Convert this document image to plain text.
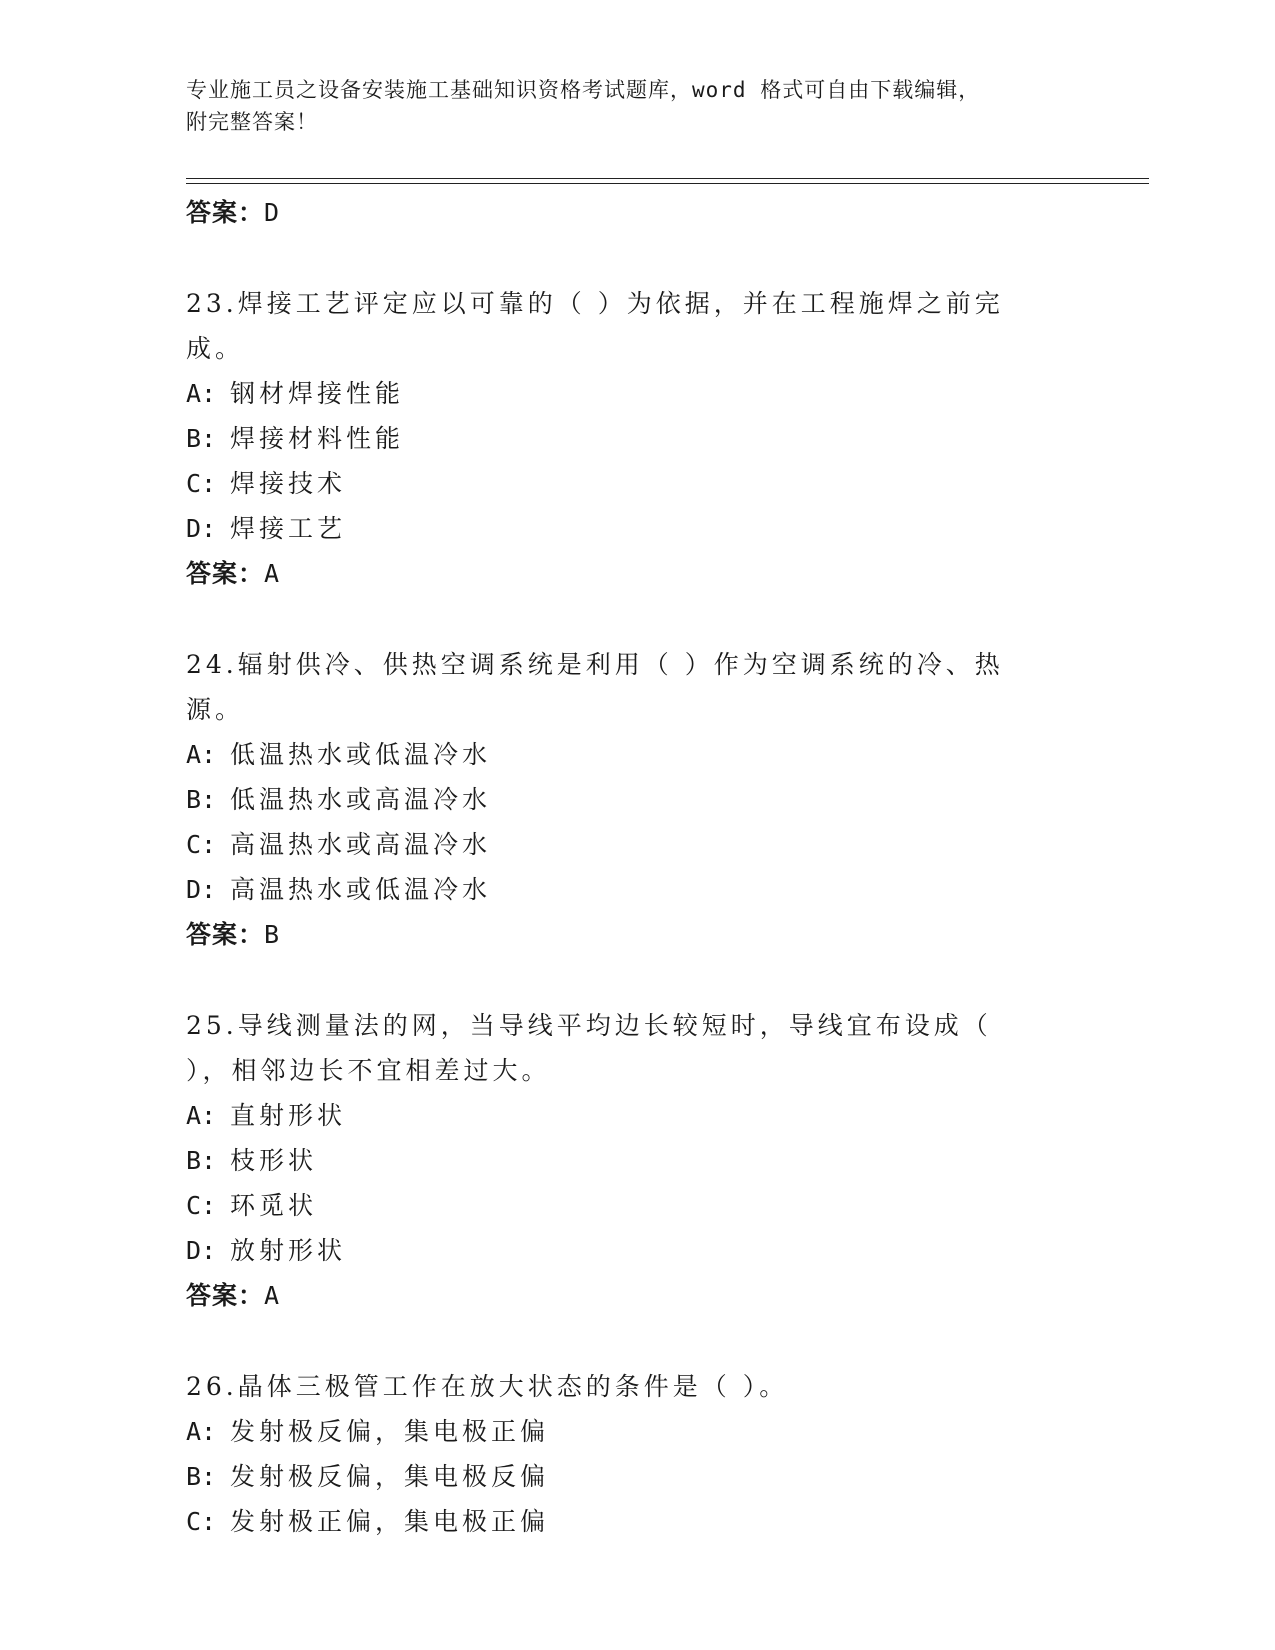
专业施工员之设备安装施工基础知识资格考试题库，word 格式可自由下载编辑，
附完整答案！
答案：D
23.焊接工艺评定应以可靠的（ ）为依据，并在工程施焊之前完成。
A: 钢材焊接性能
B: 焊接材料性能
C: 焊接技术
D: 焊接工艺
答案：A
24.辐射供冷、供热空调系统是利用（ ）作为空调系统的冷、热源。
A: 低温热水或低温冷水
B: 低温热水或高温冷水
C: 高温热水或高温冷水
D: 高温热水或低温冷水
答案：B
25.导线测量法的网，当导线平均边长较短时，导线宜布设成（ ），相邻边长不宜相差过大。
A: 直射形状
B: 枝形状
C: 环觅状
D: 放射形状
答案：A
26.晶体三极管工作在放大状态的条件是（ ）。
A: 发射极反偏，集电极正偏
B: 发射极反偏，集电极反偏
C: 发射极正偏，集电极正偏
